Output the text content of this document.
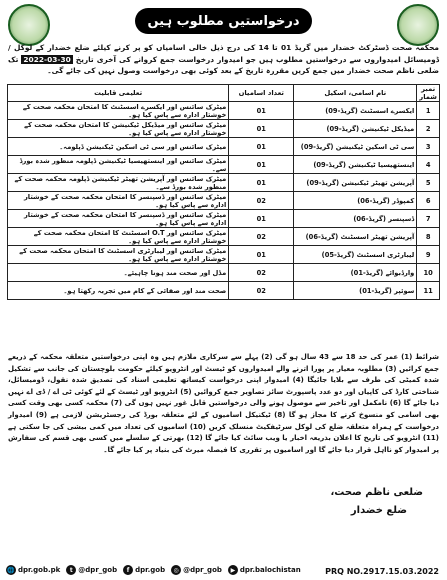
درخواستیں مطلوب ہیں
محکمہ صحت ڈسٹرکٹ خضدار میں گریڈ 01 تا 14 کی درج ذیل خالی اسامیاں کو پر کرنے کیلئے ضلع خضدار کے لوکل / ڈومیسائل امیدواروں سے درخواستیں مطلوب ہیں جو امیدوار درخواست جمع کروانے کی آخری تاریخ 30-03-2022 تک ضلعی ناظم صحت خضدار میں جمع کریں مقررہ تاریخ کے بعد کوئی بھی درخواست وصول نہیں کی جائے گی۔
نمبر شمار	نام اسامی، اسکیل	تعداد اسامیاں	تعلیمی قابلیت
1	ایکسرے اسسٹنٹ (گریڈ-09)	01	میٹرک سائنس اور ایکسرے اسسٹنٹ کا امتحان محکمہ صحت کے خوشتار ادارہ سے پاس کیا ہو۔
2	میڈیکل ٹیکنیشن (گریڈ-09)	01	میٹرک سائنس اور میڈیکل ٹیکنیشن کا امتحان محکمہ صحت کے خوشتار ادارہ سے پاس کیا ہو۔
3	سی ٹی اسکین ٹیکنیشن (گریڈ-09)	01	میٹرک سائنس اور سی ٹی اسکین ٹیکنیشن ڈپلومہ۔
4	اینستھیسیا ٹیکنیشن (گریڈ-09)	01	میٹرک سائنس اور اینستھیسیا ٹیکنیشن ڈپلومہ منظور شدہ بورڈ سے۔
5	آپریشن تھیٹر ٹیکنیشن (گریڈ-09)	01	میٹرک سائنس اور آپریشن تھیٹر ٹیکنیشن ڈپلومہ محکمہ صحت کے منظور شدہ بورڈ سے۔
6	کمپوڈر (گریڈ-06)	02	میٹرک سائنس اور ڈسپنسر کا امتحان محکمہ صحت کے خوشتار ادارہ سے پاس کیا ہو۔
7	ڈسپنسر (گریڈ-06)	01	میٹرک سائنس اور ڈسپنسر کا امتحان محکمہ صحت کے خوشتار ادارہ سے پاس کیا ہو۔
8	آپریشن تھیٹر اسسٹنٹ (گریڈ-06)	02	میٹرک سائنس اور O.T اسسٹنٹ کا امتحان محکمہ صحت کے خوشتار ادارہ سے پاس کیا ہو۔
9	لیبارٹری اسسٹنٹ (گریڈ-05)	01	میٹرک سائنس اور لیبارٹری اسسٹنٹ کا امتحان محکمہ صحت کے خوشتار ادارہ سے پاس کیا ہو۔
10	وارڈبوائے (گریڈ-01)	02	مڈل اور صحت مند ہونا چاہیئے۔
11	سوئپر (گریڈ-01)	02	صحت مند اور صفائی کے کام میں تجربہ رکھتا ہو۔
شرائط (1) عمر کی حد 18 سے 43 سال ہو گی (2) پہلے سے سرکاری ملازم ہیں وہ اپنی درخواستیں متعلقہ محکمہ کے ذریعے جمع کرائیں (3) مطلوبہ معیار پر پورا اترنے والے امیدواروں کو ٹیسٹ اور انٹرویو کیلئے حکومت بلوچستان کی جانب سے تشکیل شدہ کمیٹی کی طرف سے بلایا جائیگا (4) امیدوار اپنی درخواست کیساتھ تعلیمی اسناد کی تصدیق شدہ نقول، ڈومیسائل، شناختی کارڈ کی کاپیاں اور دو عدد پاسپورٹ سائز تصاویر جمع کروائیں (5) انٹرویو اور ٹیسٹ کے لئے کوئی ٹی اے / ڈی اے نہیں دیا جائے گا (6) نامکمل اور تاخیر سے موصول ہونے والی درخواستیں قابل غور نہیں ہوں گی (7) محکمہ کسی بھی وقت کسی بھی اسامی کو منسوخ کرنے کا مجاز ہو گا (8) ٹیکنیکل اسامیوں کے لئے متعلقہ بورڈ کی رجسٹریشن لازمی ہے (9) امیدوار درخواست کے ہمراہ متعلقہ ضلع کی لوکل سرٹیفکیٹ منسلک کریں (10) اسامیوں کی تعداد میں کمی بیشی کی جا سکتی ہے (11) انٹرویو کی تاریخ کا اعلان بذریعہ اخبار یا ویب سائٹ کیا جائے گا (12) بھرتی کے سلسلے میں کسی بھی قسم کی سفارش پر امیدوار کو نااہل قرار دیا جائے گا اور اسامیوں پر تقرری کا فیصلہ میرٹ کی بنیاد پر کیا جائے گا۔
ضلعی ناظم صحت،
ضلع خضدار
🌐 dpr.gob.pk	t @dpr_gob	f dpr.gob	◎ @dpr_gob	▶ dpr.balochistan	PRQ NO.2917.15.03.2022
